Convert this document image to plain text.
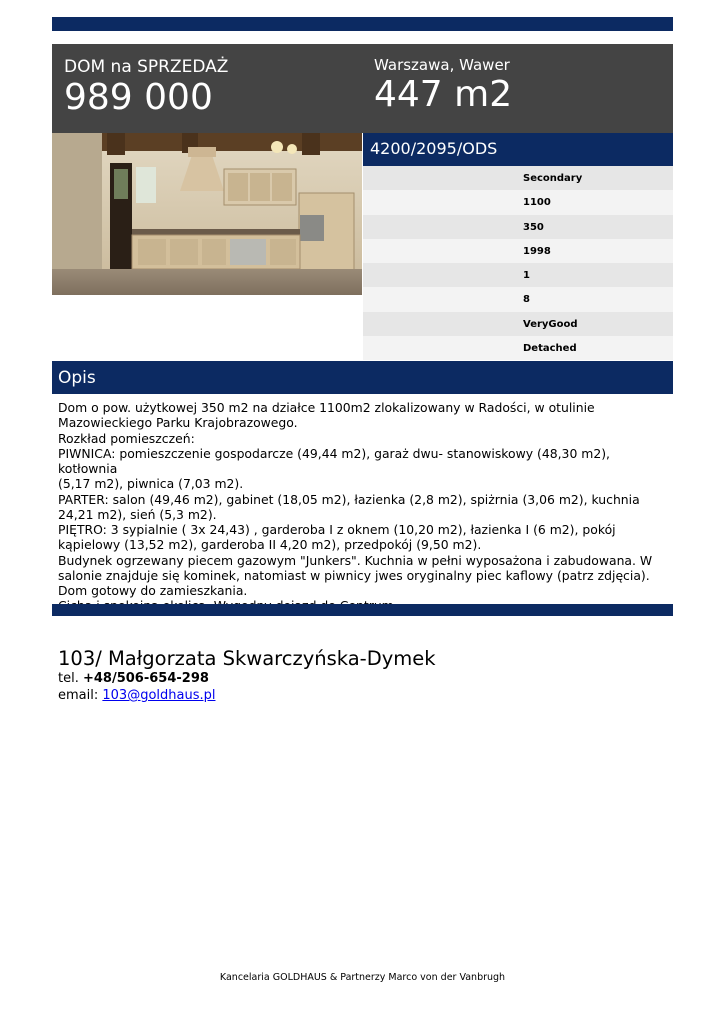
DOM na SPRZEDAŻ
989 000
Warszawa, Wawer
447 m2
4200/2095/ODS
Secondary
1100
350
1998
1
8
VeryGood
Detached
Opis
Dom o pow. użytkowej 350 m2 na działce 1100m2 zlokalizowany w Radości, w otulinie
Mazowieckiego Parku Krajobrazowego.
Rozkład pomieszczeń:
PIWNICA: pomieszczenie gospodarcze (49,44 m2), garaż dwu- stanowiskowy (48,30 m2), kotłownia
(5,17 m2), piwnica (7,03 m2).
PARTER: salon (49,46 m2), gabinet (18,05 m2), łazienka (2,8 m2), spiżrnia (3,06 m2), kuchnia
24,21 m2), sień (5,3 m2).
PIĘTRO: 3 sypialnie ( 3x 24,43) , garderoba I z oknem (10,20 m2), łazienka I (6 m2), pokój
kąpielowy (13,52 m2), garderoba II 4,20 m2), przedpokój (9,50 m2).
Budynek ogrzewany piecem gazowym "Junkers". Kuchnia w pełni wyposażona i zabudowana. W
salonie znajduje się kominek, natomiast w piwnicy jwes oryginalny piec kaflowy (patrz zdjęcia).
Dom gotowy do zamieszkania.
103/ Małgorzata Skwarczyńska-Dymek
tel. +48/506-654-298
email: 103@goldhaus.pl
Kancelaria GOLDHAUS & Partnerzy Marco von der Vanbrugh
